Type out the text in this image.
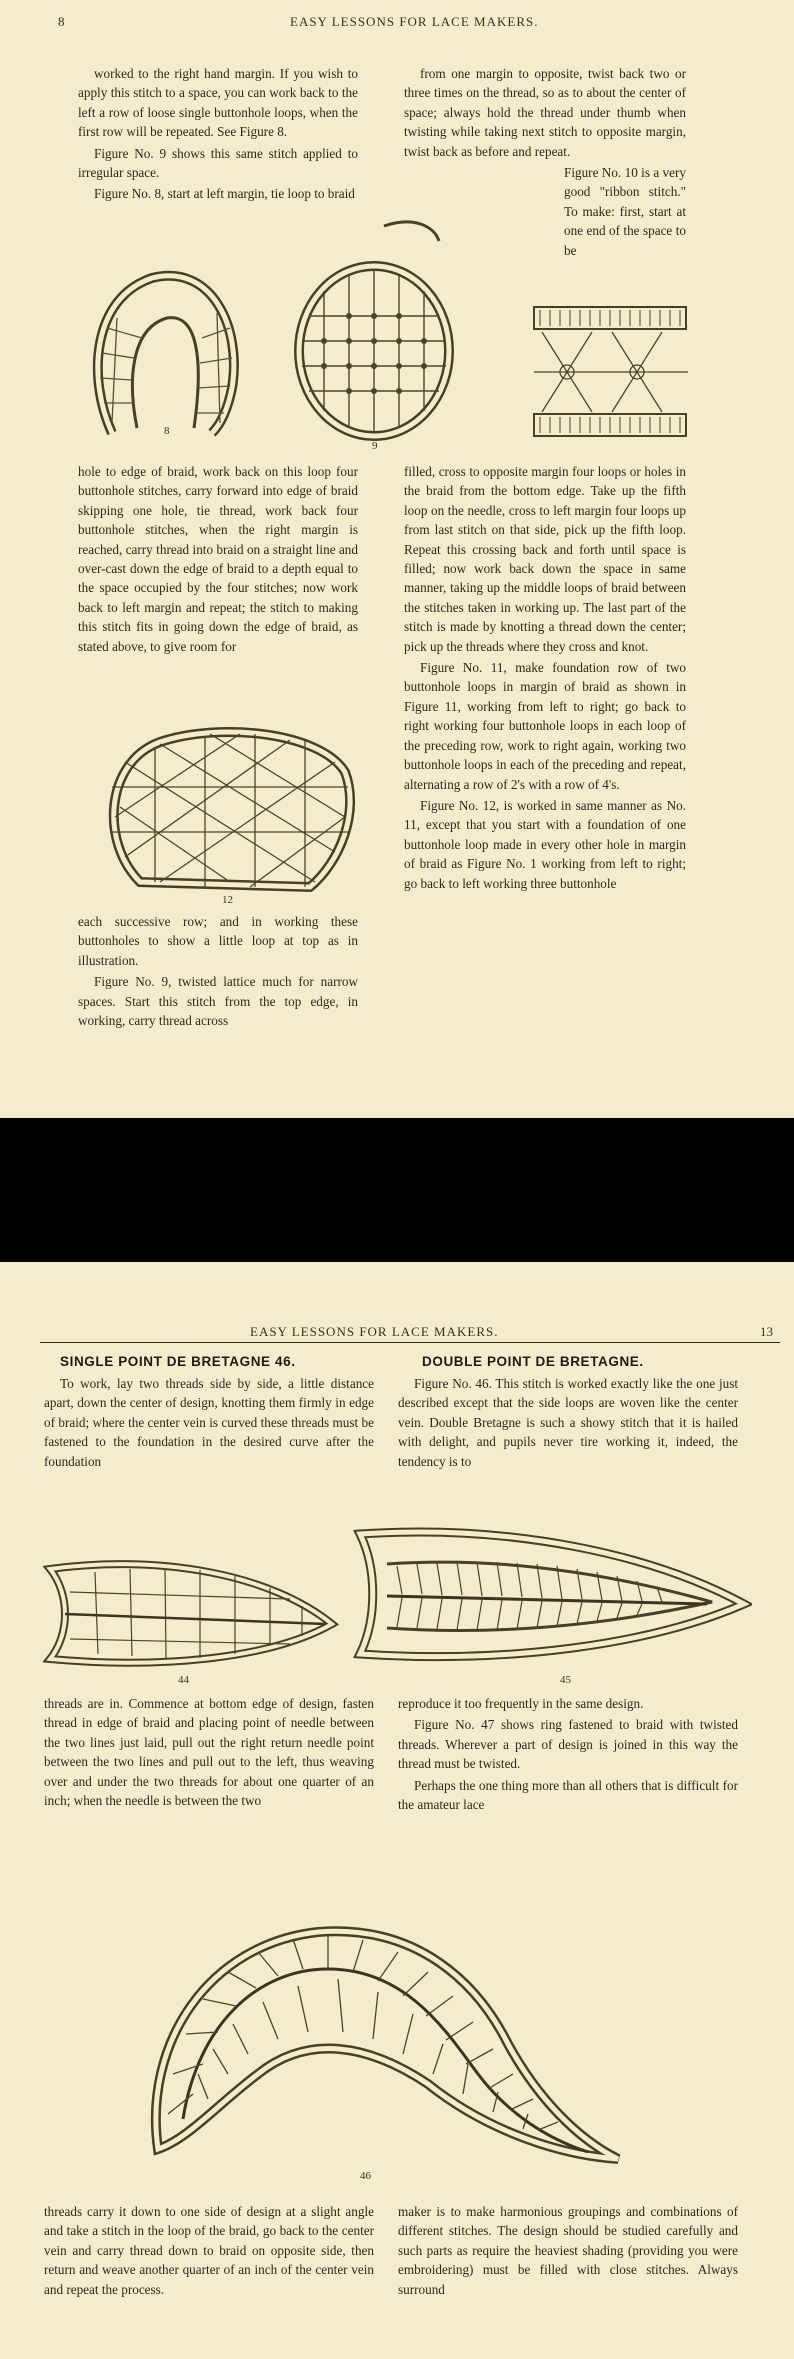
8	EASY LESSONS FOR LACE MAKERS.

worked to the right hand margin. If you wish to apply this stitch to a space, you can work back to the left a row of loose single buttonhole loops, when the first row will be repeated. See Figure 8.

Figure No. 9 shows this same stitch applied to irregular space.

Figure No. 8, start at left margin, tie loop to braid

from one margin to opposite, twist back two or three times on the thread, so as to about the center of space; always hold the thread under thumb when twisting while taking next stitch to opposite margin, twist back as before and repeat.

Figure No. 10 is a very good "ribbon stitch." To make: first, start at one end of the space to be

8
9

hole to edge of braid, work back on this loop four buttonhole stitches, carry forward into edge of braid skipping one hole, tie thread, work back four buttonhole stitches, when the right margin is reached, carry thread into braid on a straight line and over-cast down the edge of braid to a depth equal to the space occupied by the four stitches; now work back to left margin and repeat; the stitch to making this stitch fits in going down the edge of braid, as stated above, to give room for

filled, cross to opposite margin four loops or holes in the braid from the bottom edge. Take up the fifth loop on the needle, cross to left margin four loops up from last stitch on that side, pick up the fifth loop. Repeat this crossing back and forth until space is filled; now work back down the space in same manner, taking up the middle loops of braid between the stitches taken in working up. The last part of the stitch is made by knotting a thread down the center; pick up the threads where they cross and knot.

Figure No. 11, make foundation row of two buttonhole loops in margin of braid as shown in Figure 11, working from left to right; go back to right working four buttonhole loops in each loop of the preceding row, work to right again, working two buttonhole loops in each of the preceding and repeat, alternating a row of 2's with a row of 4's.

Figure No. 12, is worked in same manner as No. 11, except that you start with a foundation of one buttonhole loop made in every other hole in margin of braid as Figure No. 1 working from left to right; go back to left working three buttonhole

12

each successive row; and in working these buttonholes to show a little loop at top as in illustration.

Figure No. 9, twisted lattice much for narrow spaces. Start this stitch from the top edge, in working, carry thread across

EASY LESSONS FOR LACE MAKERS.	13
SINGLE POINT DE BRETAGNE 46.	DOUBLE POINT DE BRETAGNE.

To work, lay two threads side by side, a little distance apart, down the center of design, knotting them firmly in edge of braid; where the center vein is curved these threads must be fastened to the foundation in the desired curve after the foundation

Figure No. 46. This stitch is worked exactly like the one just described except that the side loops are woven like the center vein. Double Bretagne is such a showy stitch that it is hailed with delight, and pupils never tire working it, indeed, the tendency is to

44	45

threads are in. Commence at bottom edge of design, fasten thread in edge of braid and placing point of needle between the two lines just laid, pull out the right return needle point between the two lines and pull out to the left, thus weaving over and under the two threads for about one quarter of an inch; when the needle is between the two

reproduce it too frequently in the same design.

Figure No. 47 shows ring fastened to braid with twisted threads. Wherever a part of design is joined in this way the thread must be twisted.

Perhaps the one thing more than all others that is difficult for the amateur lace

46

threads carry it down to one side of design at a slight angle and take a stitch in the loop of the braid, go back to the center vein and carry thread down to braid on opposite side, then return and weave another quarter of an inch of the center vein and repeat the process.

maker is to make harmonious groupings and combinations of different stitches. The design should be studied carefully and such parts as require the heaviest shading (providing you were embroidering) must be filled with close stitches. Always surround
